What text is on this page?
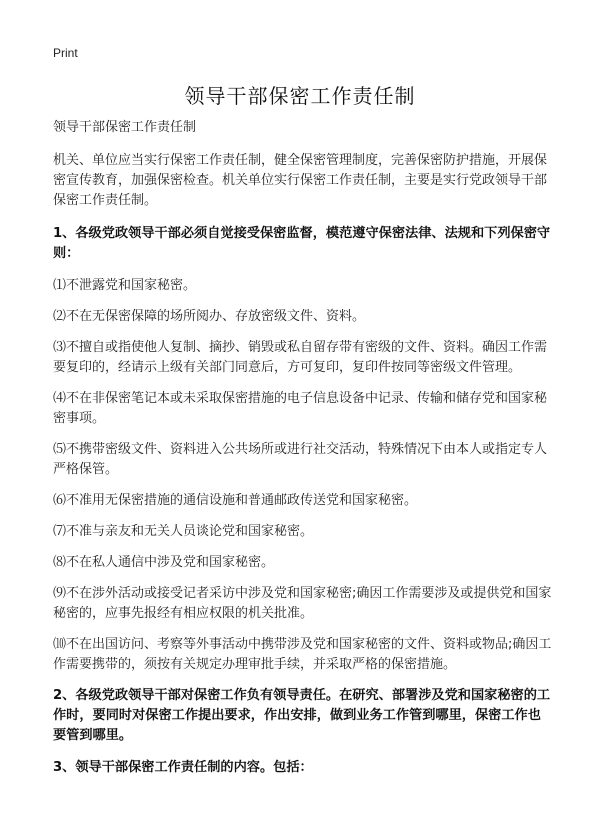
Print
领导干部保密工作责任制

领导干部保密工作责任制

机关、单位应当实行保密工作责任制，健全保密管理制度，完善保密防护措施，开展保密宣传教育，加强保密检查。机关单位实行保密工作责任制，主要是实行党政领导干部保密工作责任制。

1、各级党政领导干部必须自觉接受保密监督，模范遵守保密法律、法规和下列保密守则：

⑴不泄露党和国家秘密。

⑵不在无保密保障的场所阅办、存放密级文件、资料。

⑶不擅自或指使他人复制、摘抄、销毁或私自留存带有密级的文件、资料。确因工作需要复印的，经请示上级有关部门同意后，方可复印，复印件按同等密级文件管理。

⑷不在非保密笔记本或未采取保密措施的电子信息设备中记录、传输和储存党和国家秘密事项。

⑸不携带密级文件、资料进入公共场所或进行社交活动，特殊情况下由本人或指定专人严格保管。

⑹不准用无保密措施的通信设施和普通邮政传送党和国家秘密。

⑺不准与亲友和无关人员谈论党和国家秘密。

⑻不在私人通信中涉及党和国家秘密。

⑼不在涉外活动或接受记者采访中涉及党和国家秘密;确因工作需要涉及或提供党和国家秘密的，应事先报经有相应权限的机关批准。

⑽不在出国访问、考察等外事活动中携带涉及党和国家秘密的文件、资料或物品;确因工作需要携带的，须按有关规定办理审批手续，并采取严格的保密措施。

2、各级党政领导干部对保密工作负有领导责任。在研究、部署涉及党和国家秘密的工作时，要同时对保密工作提出要求，作出安排，做到业务工作管到哪里，保密工作也要管到哪里。

3、领导干部保密工作责任制的内容。包括：
